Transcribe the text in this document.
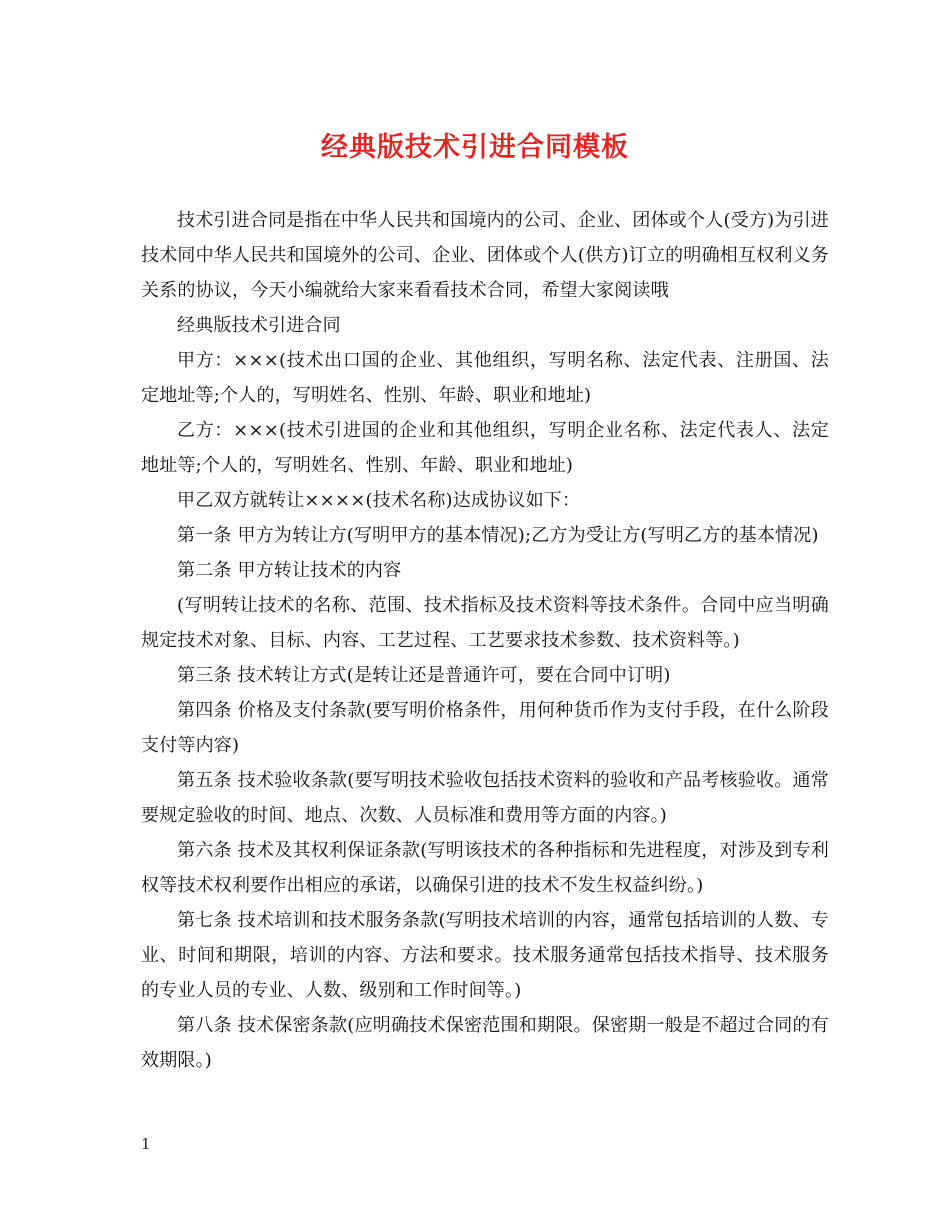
经典版技术引进合同模板

技术引进合同是指在中华人民共和国境内的公司、企业、团体或个人(受方)为引进技术同中华人民共和国境外的公司、企业、团体或个人(供方)订立的明确相互权利义务关系的协议，今天小编就给大家来看看技术合同，希望大家阅读哦

经典版技术引进合同

甲方：×××(技术出口国的企业、其他组织，写明名称、法定代表、注册国、法定地址等;个人的，写明姓名、性别、年龄、职业和地址)

乙方：×××(技术引进国的企业和其他组织，写明企业名称、法定代表人、法定地址等;个人的，写明姓名、性别、年龄、职业和地址)

甲乙双方就转让××××(技术名称)达成协议如下：

第一条 甲方为转让方(写明甲方的基本情况);乙方为受让方(写明乙方的基本情况)

第二条 甲方转让技术的内容

(写明转让技术的名称、范围、技术指标及技术资料等技术条件。合同中应当明确规定技术对象、目标、内容、工艺过程、工艺要求技术参数、技术资料等。)

第三条 技术转让方式(是转让还是普通许可，要在合同中订明)

第四条 价格及支付条款(要写明价格条件，用何种货币作为支付手段，在什么阶段支付等内容)

第五条 技术验收条款(要写明技术验收包括技术资料的验收和产品考核验收。通常要规定验收的时间、地点、次数、人员标准和费用等方面的内容。)

第六条 技术及其权利保证条款(写明该技术的各种指标和先进程度，对涉及到专利权等技术权利要作出相应的承诺，以确保引进的技术不发生权益纠纷。)

第七条 技术培训和技术服务条款(写明技术培训的内容，通常包括培训的人数、专业、时间和期限，培训的内容、方法和要求。技术服务通常包括技术指导、技术服务的专业人员的专业、人数、级别和工作时间等。)

第八条 技术保密条款(应明确技术保密范围和期限。保密期一般是不超过合同的有效期限。)

1
